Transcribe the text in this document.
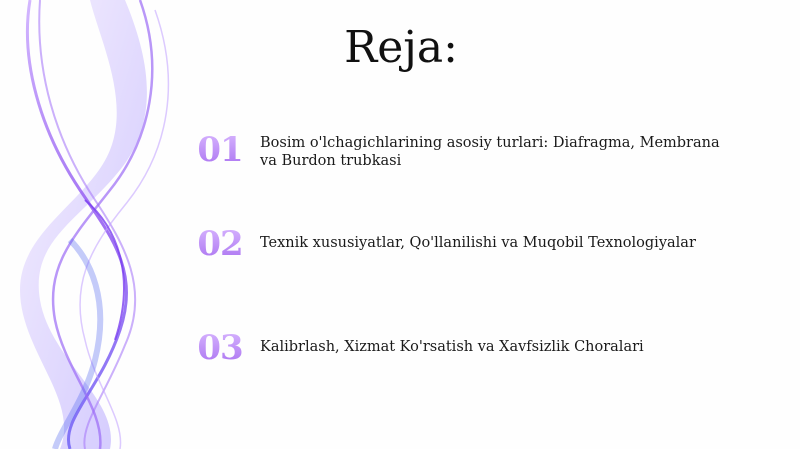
Reja:
01 Bosim o'lchagichlarining asosiy turlari: Diafragma, Membrana va Burdon trubkasi
02 Texnik xususiyatlar, Qo'llanilishi va Muqobil Texnologiyalar
03 Kalibrlash, Xizmat Ko'rsatish va Xavfsizlik Choralari
